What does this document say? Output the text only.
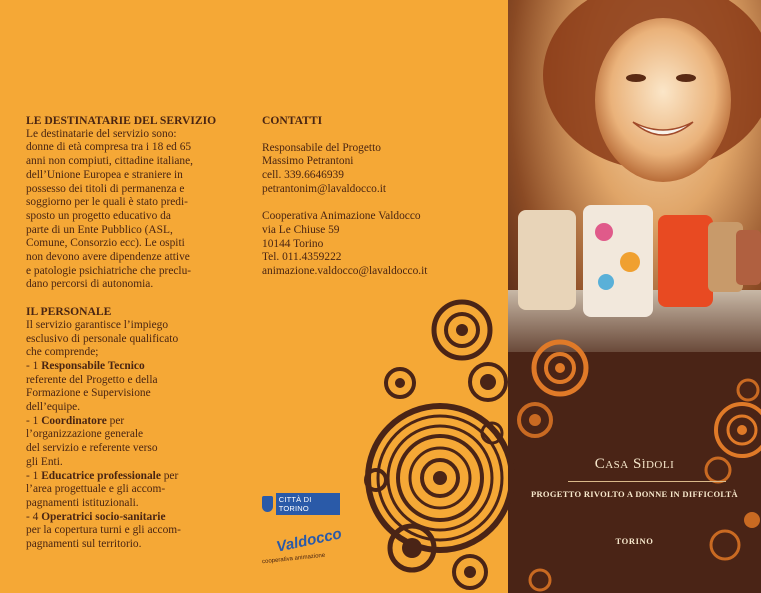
LE DESTINATARIE DEL SERVIZIO

Le destinatarie del servizio sono:
donne di età compresa tra i 18 ed 65
anni non compiuti, cittadine italiane,
dell’Unione Europea e straniere in
possesso dei titoli di permanenza e
soggiorno per le quali è stato predi-
sposto un progetto educativo da
parte di un Ente Pubblico (ASL,
Comune, Consorzio ecc). Le ospiti
non devono avere dipendenze attive
e patologie psichiatriche che preclu-
dano percorsi di autonomia.

IL PERSONALE

Il servizio garantisce l’impiego
esclusivo di personale qualificato
che comprende;
- 1 Responsabile Tecnico
referente del Progetto e della
Formazione e Supervisione
dell’equipe.
- 1 Coordinatore per
l’organizzazione generale
del servizio e referente verso
gli Enti.
- 1 Educatrice professionale per
l’area progettuale e gli accom-
pagnamenti istituzionali.
- 4 Operatrici socio-sanitarie
per la copertura turni e gli accom-
pagnamenti sul territorio.

CONTATTI
Responsabile del Progetto
Massimo Petrantoni
cell. 339.6646939
petrantonim@lavaldocco.it
Cooperativa Animazione Valdocco
via Le Chiuse 59
10144 Torino
Tel. 011.4359222
animazione.valdocco@lavaldocco.it
CITTÀ DI TORINO
Valdocco
cooperativa animazione
Casa Sìdoli
PROGETTO RIVOLTO A DONNE IN DIFFICOLTÀ
TORINO
